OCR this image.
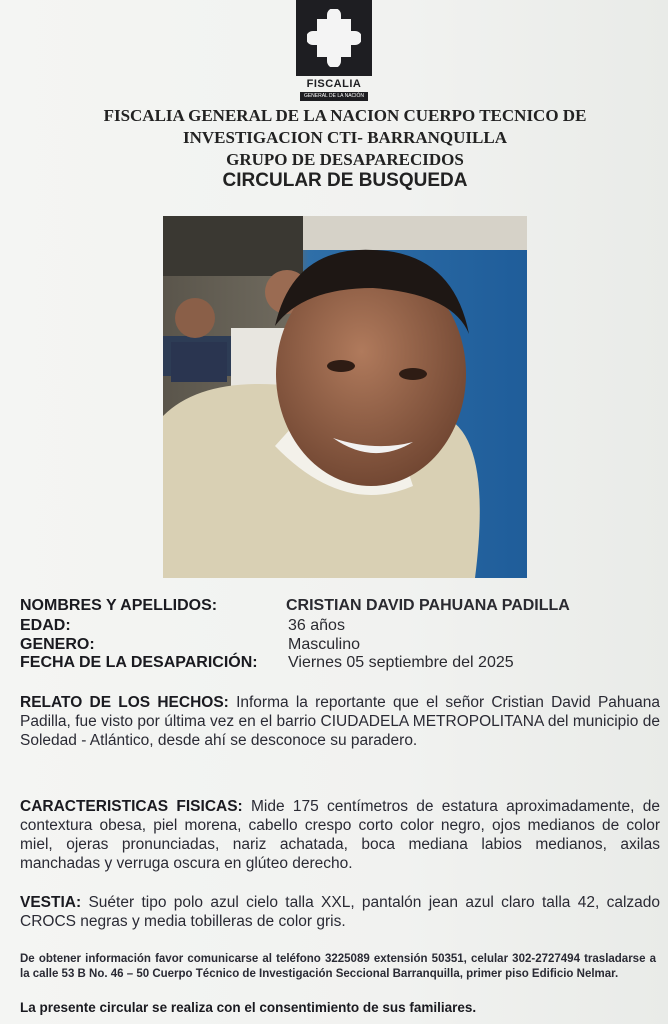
FISCALIA
GENERAL DE LA NACIÓN
FISCALIA GENERAL DE LA NACION CUERPO TECNICO DE
INVESTIGACION CTI- BARRANQUILLA
GRUPO DE DESAPARECIDOS
CIRCULAR DE BUSQUEDA
NOMBRES Y APELLIDOS:	CRISTIAN DAVID PAHUANA PADILLA
EDAD:	36 años
GENERO:	Masculino
FECHA DE LA DESAPARICIÓN: Viernes 05 septiembre del 2025
RELATO DE LOS HECHOS: Informa la reportante que el señor Cristian David Pahuana Padilla, fue visto por última vez en el barrio CIUDADELA METROPOLITANA del municipio de Soledad - Atlántico, desde ahí se desconoce su paradero.
CARACTERISTICAS FISICAS: Mide 175 centímetros de estatura aproximadamente, de contextura obesa, piel morena, cabello crespo corto color negro, ojos medianos de color miel, ojeras pronunciadas, nariz achatada, boca mediana labios medianos, axilas manchadas y verruga oscura en glúteo derecho.
VESTIA: Suéter tipo polo azul cielo talla XXL, pantalón jean azul claro talla 42, calzado CROCS negras y media tobilleras de color gris.
De obtener información favor comunicarse al teléfono 3225089 extensión 50351, celular 302-2727494 trasladarse a la calle 53 B No. 46 – 50 Cuerpo Técnico de Investigación Seccional Barranquilla, primer piso Edificio Nelmar.
La presente circular se realiza con el consentimiento de sus familiares.
